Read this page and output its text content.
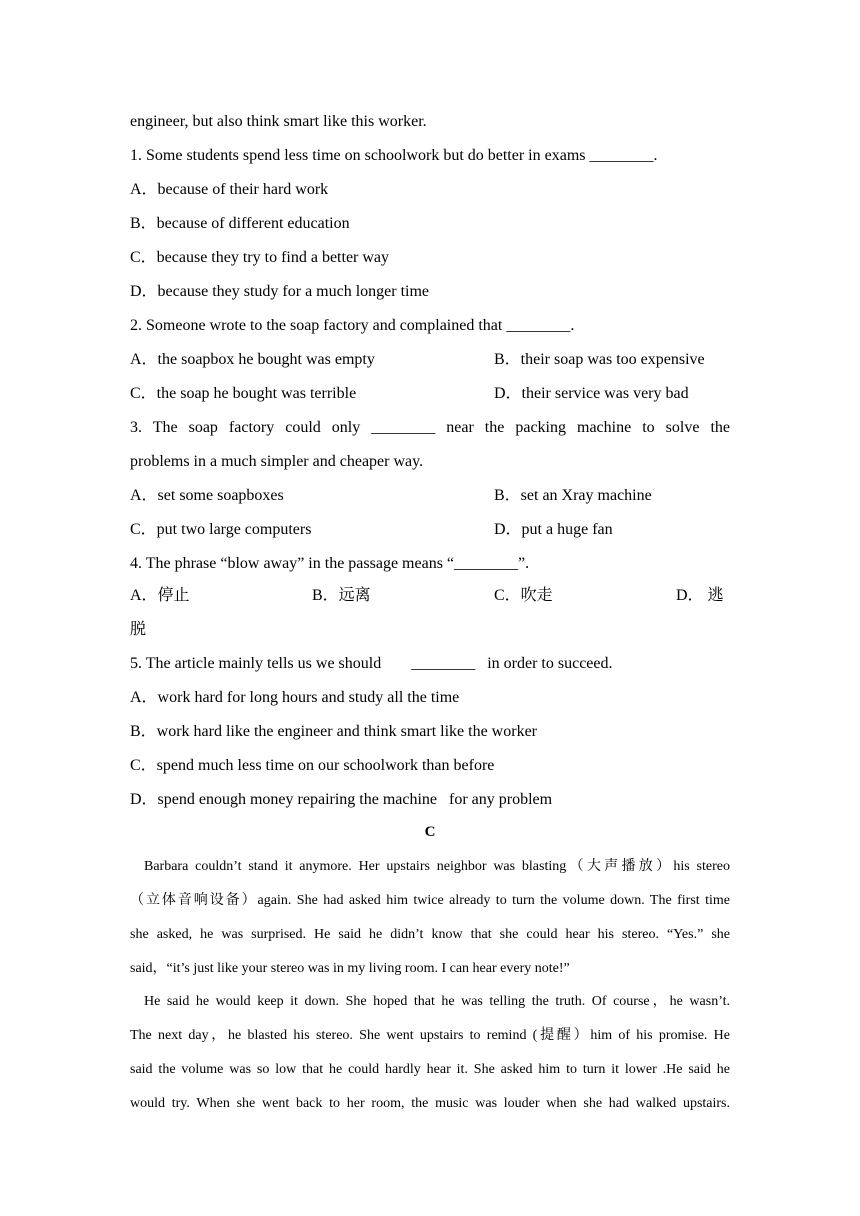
engineer, but also think smart like this worker.
1. Some students spend less time on schoolwork but do better in exams ________.
A．because of their hard work
B．because of different education
C．because they try to find a better way
D．because they study for a much longer time
2. Someone wrote to the soap factory and complained that ________.
A．the soapbox he bought was empty	B．their soap was too expensive
C．the soap he bought was terrible	D．their service was very bad
3. The soap factory could only ________ near the packing machine to solve the
problems in a much simpler and cheaper way.
A．set some soapboxes	B．set an Xray machine
C．put two large computers	D．put a huge fan
4. The phrase “blow away” in the passage means “________”.
A．停止	B．远离	C．吹走	D． 逃
脱
5. The article mainly tells us we should ________ in order to succeed.
A．work hard for long hours and study all the time
B．work hard like the engineer and think smart like the worker
C．spend much less time on our schoolwork than before
D．spend enough money repairing the machine   for any problem
C
Barbara couldn’t stand it anymore. Her upstairs neighbor was blasting（大声播放）his stereo
（立体音响设备）again. She had asked him twice already to turn the volume down. The first time
she asked, he was surprised. He said he didn’t know that she could hear his stereo. “Yes.” she
said，“it’s just like your stereo was in my living room. I can hear every note!”
He said he would keep it down. She hoped that he was telling the truth. Of course，he wasn’t.
The next day，he blasted his stereo. She went upstairs to remind (提醒）him of his promise. He
said the volume was so low that he could hardly hear it. She asked him to turn it lower .He said he
would try. When she went back to her room, the music was louder when she had walked upstairs.
